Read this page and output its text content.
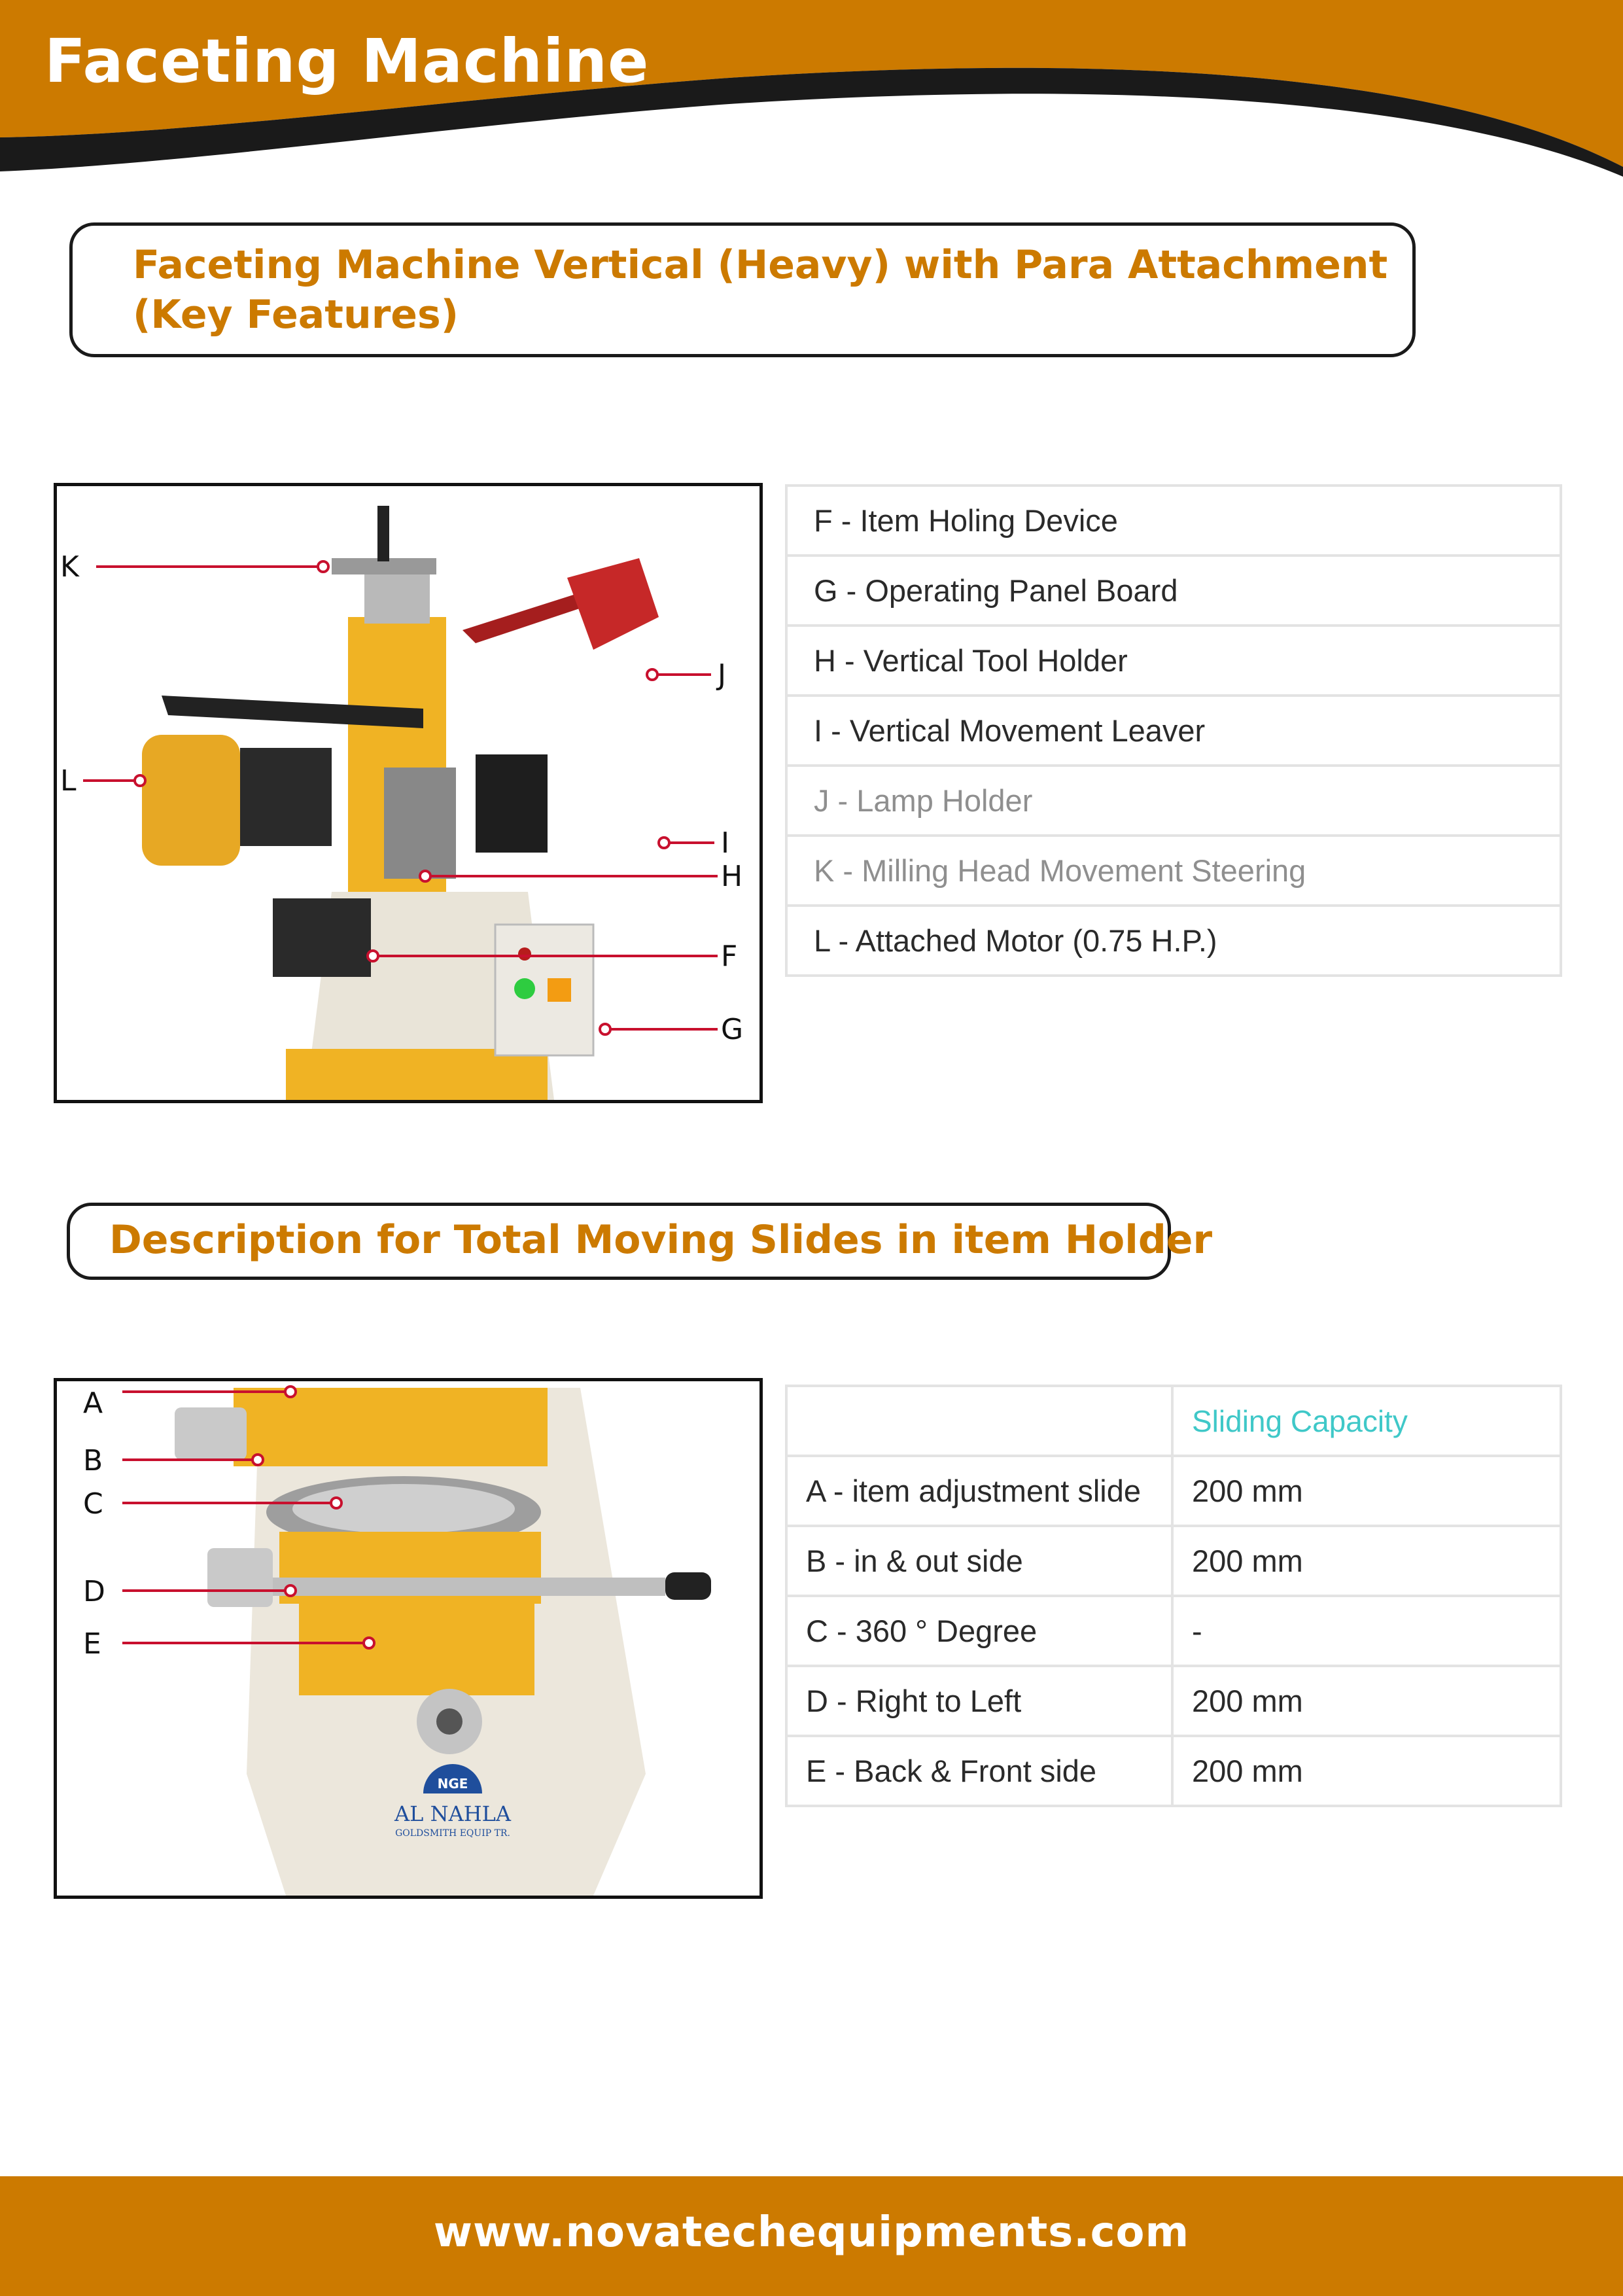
Faceting Machine
Faceting Machine Vertical (Heavy) with Para Attachment
(Key Features)
K
J
L
I
H
F
G
F - Item Holing Device
G - Operating Panel Board
H - Vertical Tool Holder
I - Vertical Movement Leaver
J - Lamp Holder
K - Milling Head Movement Steering
L - Attached Motor (0.75 H.P.)
Description for Total Moving Slides in item Holder
NGE
AL NAHLA
GOLDSMITH EQUIP TR.
A
B
C
D
E
	Sliding Capacity
A - item adjustment slide	200 mm
B - in & out side	200 mm
C - 360 ° Degree	-
D - Right to Left	200 mm
E - Back & Front side	200 mm
www.novatechequipments.com
